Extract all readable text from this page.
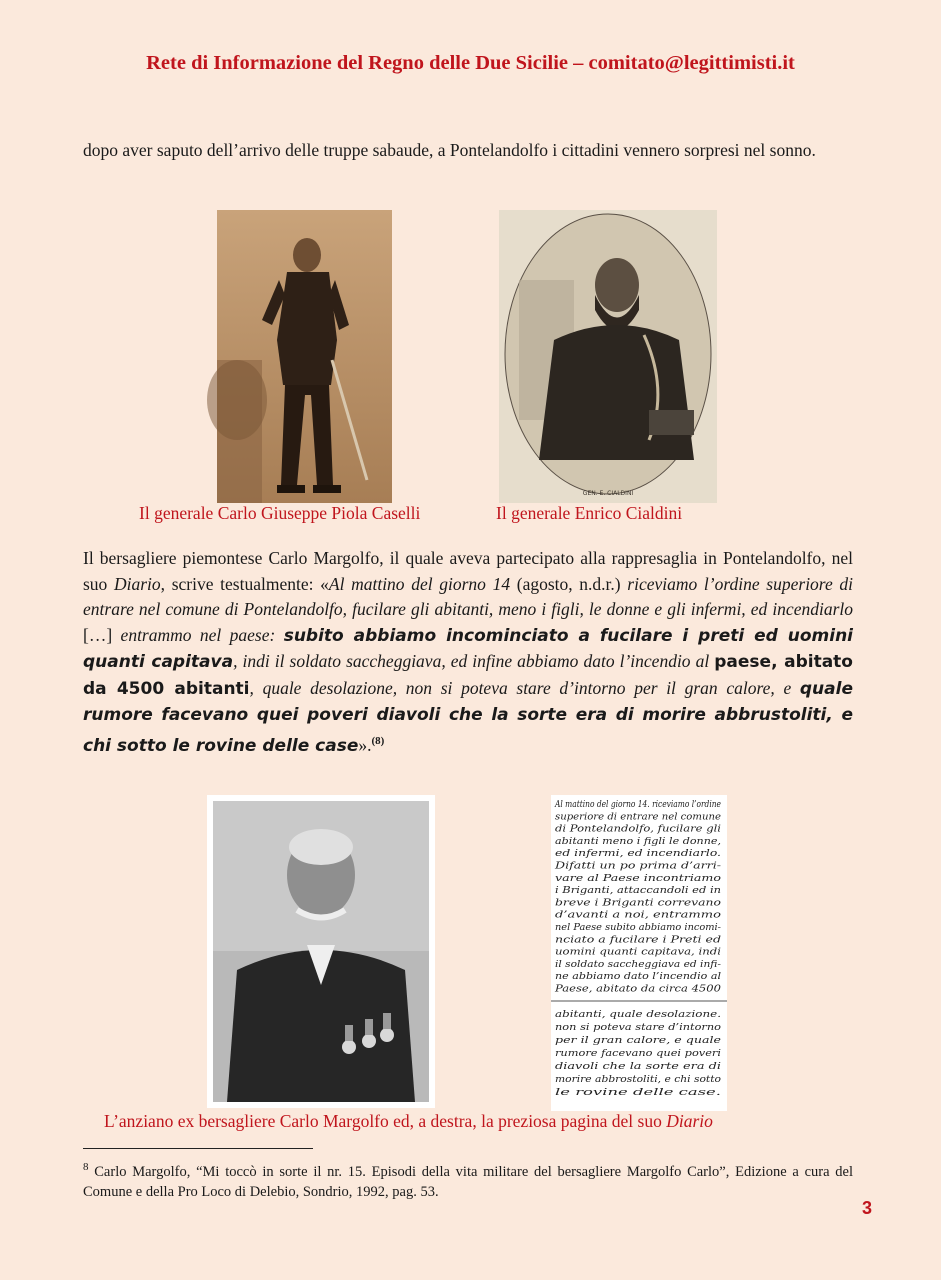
Rete di Informazione del Regno delle Due Sicilie – comitato@legittimisti.it
dopo aver saputo dell’arrivo delle truppe sabaude, a Pontelandolfo i cittadini vennero sorpresi nel sonno.
GEN. E. CIALDINI
Il generale Carlo Giuseppe Piola Caselli	Il generale Enrico Cialdini
Il bersagliere piemontese Carlo Margolfo, il quale aveva partecipato alla rappresaglia in Pontelandolfo, nel suo Diario, scrive testualmente: «Al mattino del giorno 14 (agosto, n.d.r.) riceviamo l’ordine superiore di entrare nel comune di Pontelandolfo, fucilare gli abitanti, meno i figli, le donne e gli infermi, ed incendiarlo […] entrammo nel paese: subito abbiamo incominciato a fucilare i preti ed uomini quanti capitava, indi il soldato saccheggiava, ed infine abbiamo dato l’incendio al paese, abitato da 4500 abitanti, quale desolazione, non si poteva stare d’intorno per il gran calore, e quale rumore facevano quei poveri diavoli che la sorte era di morire abbrustoliti, e chi sotto le rovine delle case».$^{(8)}$
Al mattino del giorno 14. riceviamo l’ordine
superiore di entrare nel comune
di Pontelandolfo, fucilare gli
abitanti meno i figli le donne,
ed infermi, ed incendiarlo.
Difatti un po prima d’arri-
vare al Paese incontriamo
i Briganti, attaccandoli ed in
breve i Briganti correvano
d’avanti a noi, entrammo
nel Paese subito abbiamo incomi-
nciato a fucilare i Preti ed
uomini quanti capitava, indi
il soldato saccheggiava ed infi-
ne abbiamo dato l’incendio al
Paese, abitato da circa 4500
abitanti, quale desolazione.
non si poteva stare d’intorno
per il gran calore, e quale
rumore facevano quei poveri
diavoli che la sorte era di
morire abbrostoliti, e chi sotto
le rovine delle case.
L’anziano ex bersagliere Carlo Margolfo ed, a destra, la preziosa pagina del suo Diario
$^8$ Carlo Margolfo, “Mi toccò in sorte il nr. 15. Episodi della vita militare del bersagliere Margolfo Carlo”, Edizione a cura del Comune e della Pro Loco di Delebio, Sondrio, 1992, pag. 53.
3
